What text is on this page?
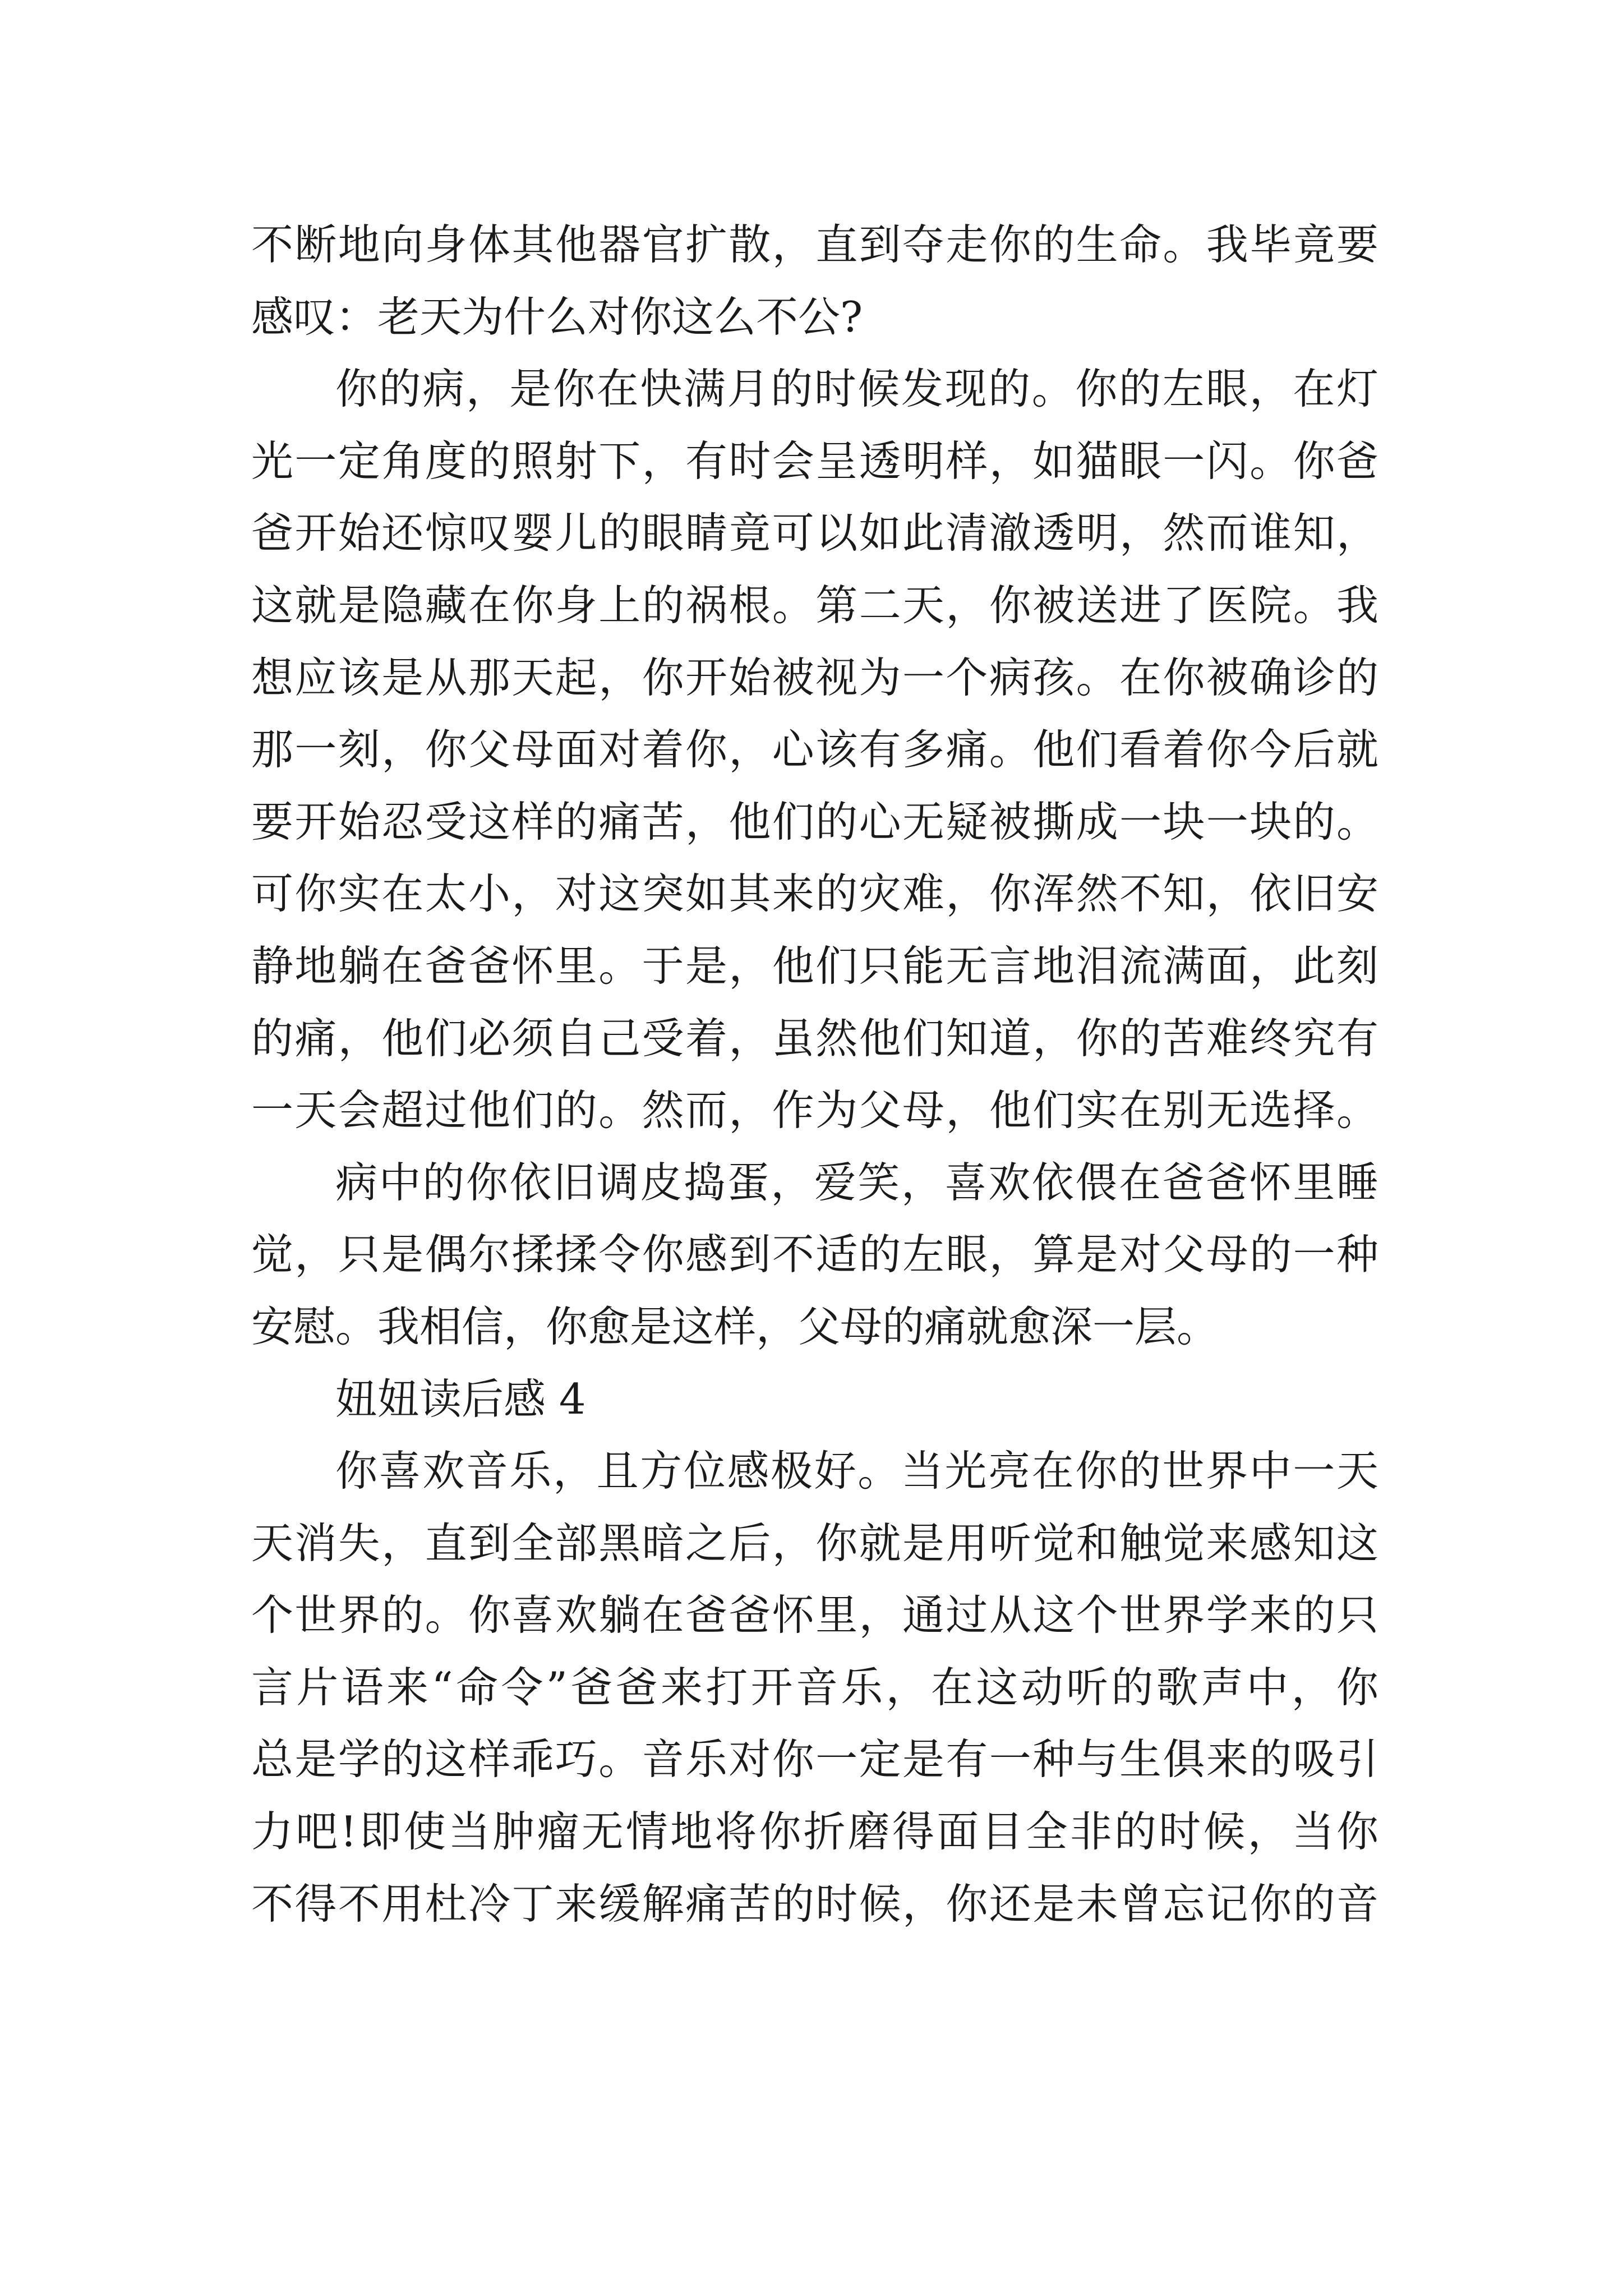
不断地向身体其他器官扩散，直到夺走你的生命。我毕竟要
感叹：老天为什么对你这么不公?
你的病，是你在快满月的时候发现的。你的左眼，在灯
光一定角度的照射下，有时会呈透明样，如猫眼一闪。你爸
爸开始还惊叹婴儿的眼睛竟可以如此清澈透明，然而谁知，
这就是隐藏在你身上的祸根。第二天，你被送进了医院。我
想应该是从那天起，你开始被视为一个病孩。在你被确诊的
那一刻，你父母面对着你，心该有多痛。他们看着你今后就
要开始忍受这样的痛苦，他们的心无疑被撕成一块一块的。
可你实在太小，对这突如其来的灾难，你浑然不知，依旧安
静地躺在爸爸怀里。于是，他们只能无言地泪流满面，此刻
的痛，他们必须自己受着，虽然他们知道，你的苦难终究有
一天会超过他们的。然而，作为父母，他们实在别无选择。
病中的你依旧调皮捣蛋，爱笑，喜欢依偎在爸爸怀里睡
觉，只是偶尔揉揉令你感到不适的左眼，算是对父母的一种
安慰。我相信，你愈是这样，父母的痛就愈深一层。
妞妞读后感 4
你喜欢音乐，且方位感极好。当光亮在你的世界中一天
天消失，直到全部黑暗之后，你就是用听觉和触觉来感知这
个世界的。你喜欢躺在爸爸怀里，通过从这个世界学来的只
言片语来“命令”爸爸来打开音乐，在这动听的歌声中，你
总是学的这样乖巧。音乐对你一定是有一种与生俱来的吸引
力吧!即使当肿瘤无情地将你折磨得面目全非的时候，当你
不得不用杜冷丁来缓解痛苦的时候，你还是未曾忘记你的音
